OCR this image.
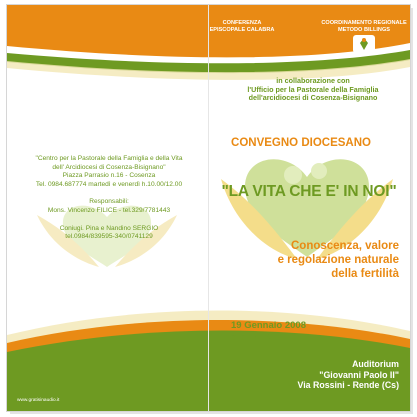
CONFERENZA
EPISCOPALE CALABRA
COORDINAMENTO REGIONALE
METODO BILLINGS
in collaborazione con
l'Ufficio per la Pastorale della Famiglia
dell'arcidiocesi di Cosenza-Bisignano
CONVEGNO DIOCESANO
"LA VITA CHE E' IN NOI"
Conoscenza, valore
e regolazione naturale
della fertilità
19 Gennaio 2008
ore 16:00
Auditorium
"Giovanni Paolo II"
Via Rossini - Rende (Cs)
"Centro per la Pastorale della Famiglia e della Vita
dell' Arcidiocesi di Cosenza-Bisignano"
Piazza Parrasio n.16 - Cosenza
Tel. 0984.687774 martedì e venerdì h.10.00/12.00
Responsabili:
Mons. Vincenzo FILICE - tel.329/7781443
Coniugi. Pina e Nandino SERGIO
tel.0984/839595-340/0741129
www.gratisinaudio.it
